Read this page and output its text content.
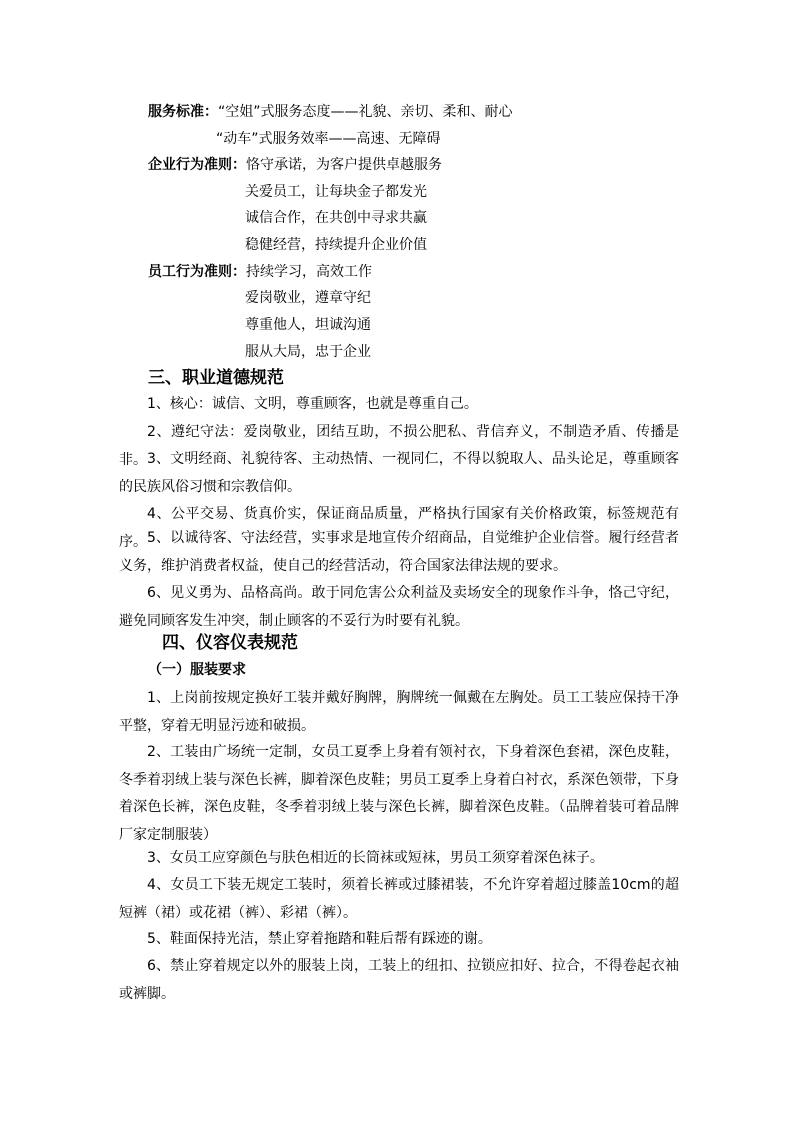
服务标准：“空姐”式服务态度——礼貌、亲切、柔和、耐心
“动车”式服务效率——高速、无障碍
企业行为准则：恪守承诺，为客户提供卓越服务
关爱员工，让每块金子都发光
诚信合作，在共创中寻求共赢
稳健经营，持续提升企业价值
员工行为准则：持续学习，高效工作
爱岗敬业，遵章守纪
尊重他人，坦诚沟通
服从大局，忠于企业
三、职业道德规范
1、核心：诚信、文明，尊重顾客，也就是尊重自己。
2、遵纪守法：爱岗敬业，团结互助，不损公肥私、背信弃义，不制造矛盾、传播是非。 3、文明经商、礼貌待客、主动热情、一视同仁，不得以貌取人、品头论足，尊重顾客的民族风俗习惯和宗教信仰。
4、公平交易、货真价实，保证商品质量，严格执行国家有关价格政策，标签规范有序。 5、以诚待客、守法经营，实事求是地宣传介绍商品，自觉维护企业信誉。履行经营者义务，维护消费者权益，使自己的经营活动，符合国家法律法规的要求。
6、见义勇为、品格高尚。敢于同危害公众利益及卖场安全的现象作斗争，恪己守纪，避免同顾客发生冲突，制止顾客的不妥行为时要有礼貌。
四、仪容仪表规范
（一）服装要求
1、上岗前按规定换好工装并戴好胸牌，胸牌统一佩戴在左胸处。员工工装应保持干净平整，穿着无明显污迹和破损。
2、工装由广场统一定制，女员工夏季上身着有领衬衣，下身着深色套裙，深色皮鞋，冬季着羽绒上装与深色长裤，脚着深色皮鞋；男员工夏季上身着白衬衣，系深色领带，下身着深色长裤，深色皮鞋，冬季着羽绒上装与深色长裤，脚着深色皮鞋。（品牌着装可着品牌厂家定制服装）
3、女员工应穿颜色与肤色相近的长筒袜或短袜，男员工须穿着深色袜子。
4、女员工下装无规定工装时，须着长裤或过膝裙装，不允许穿着超过膝盖10cm的超短裤（裙）或花裙（裤）、彩裙（裤）。
5、鞋面保持光洁，禁止穿着拖踏和鞋后帮有踩迹的谢。
6、禁止穿着规定以外的服装上岗，工装上的纽扣、拉锁应扣好、拉合，不得卷起衣袖或裤脚。
